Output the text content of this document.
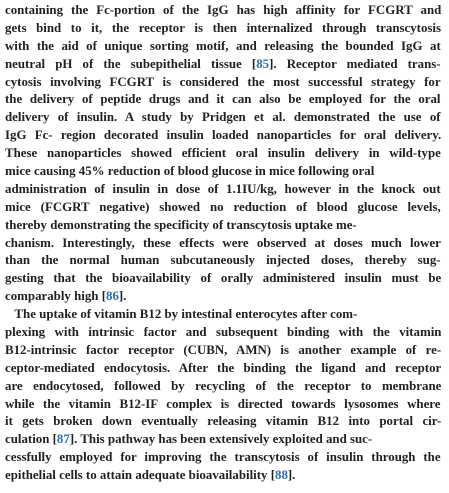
containing the Fc-portion of the IgG has high affinity for FCGRT and
gets bind to it, the receptor is then internalized through transcytosis
with the aid of unique sorting motif, and releasing the bounded IgG at
neutral pH of the subepithelial tissue [85]. Receptor mediated trans-
cytosis involving FCGRT is considered the most successful strategy for
the delivery of peptide drugs and it can also be employed for the oral
delivery of insulin. A study by Pridgen et al. demonstrated the use of
IgG Fc- region decorated insulin loaded nanoparticles for oral delivery.
These nanoparticles showed efficient oral insulin delivery in wild-type
mice causing 45% reduction of blood glucose in mice following oral
administration of insulin in dose of 1.1IU/kg, however in the knock out
mice (FCGRT negative) showed no reduction of blood glucose levels,
thereby demonstrating the specificity of transcytosis uptake me-
chanism. Interestingly, these effects were observed at doses much lower
than the normal human subcutaneously injected doses, thereby sug-
gesting that the bioavailability of orally administered insulin must be
comparably high [86].
The uptake of vitamin B12 by intestinal enterocytes after com-
plexing with intrinsic factor and subsequent binding with the vitamin
B12-intrinsic factor receptor (CUBN, AMN) is another example of re-
ceptor-mediated endocytosis. After the binding the ligand and receptor
are endocytosed, followed by recycling of the receptor to membrane
while the vitamin B12-IF complex is directed towards lysosomes where
it gets broken down eventually releasing vitamin B12 into portal cir-
culation [87]. This pathway has been extensively exploited and suc-
cessfully employed for improving the transcytosis of insulin through the
epithelial cells to attain adequate bioavailability [88].
